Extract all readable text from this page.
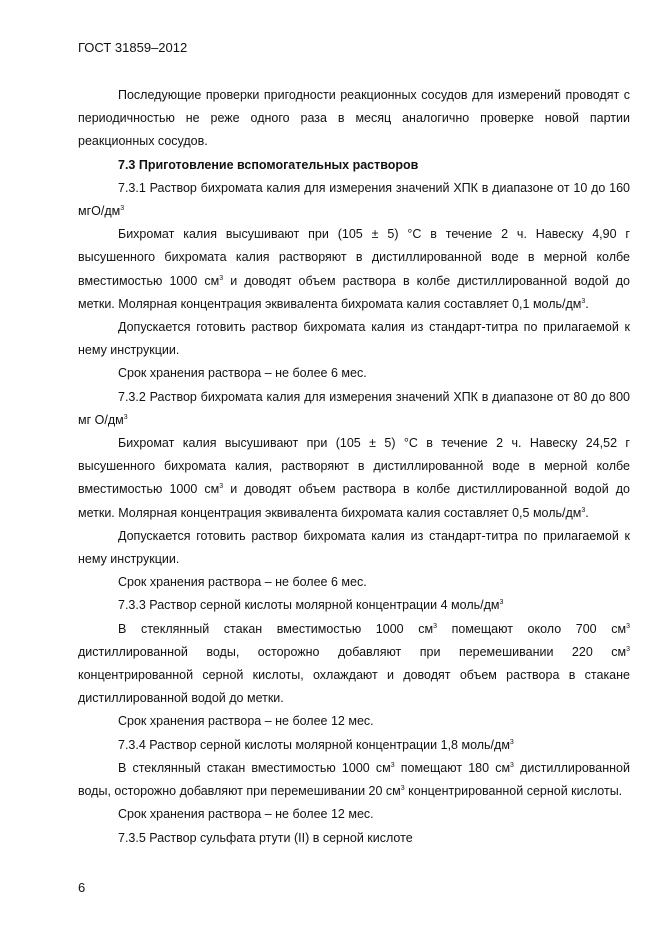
ГОСТ 31859–2012

Последующие проверки пригодности реакционных сосудов для измерений проводят с периодичностью не реже одного раза в месяц аналогично проверке новой партии реакционных сосудов.

7.3 Приготовление вспомогательных растворов

7.3.1 Раствор бихромата калия для измерения значений ХПК в диапазоне от 10 до 160 мгО/$дм^3$

Бихромат калия высушивают при (105 ± 5) °С в течение 2 ч. Навеску 4,90 г высушенного бихромата калия растворяют в дистиллированной воде в мерной колбе вместимостью 1000 $см^3$ и доводят объем раствора в колбе дистиллированной водой до метки. Молярная концентрация эквивалента бихромата калия составляет 0,1 моль/$дм^3$.

Допускается готовить раствор бихромата калия из стандарт-титра по прилагаемой к нему инструкции.

Срок хранения раствора – не более 6 мес.

7.3.2 Раствор бихромата калия для измерения значений ХПК в диапазоне от 80 до 800 мг $О/дм^3$

Бихромат калия высушивают при (105 ± 5) °С в течение 2 ч. Навеску 24,52 г высушенного бихромата калия, растворяют в дистиллированной воде в мерной колбе вместимостью 1000 $см^3$ и доводят объем раствора в колбе дистиллированной водой до метки. Молярная концентрация эквивалента бихромата калия составляет 0,5 моль/$дм^3$.

Допускается готовить раствор бихромата калия из стандарт-титра по прилагаемой к нему инструкции.

Срок хранения раствора – не более 6 мес.

7.3.3 Раствор серной кислоты молярной концентрации 4 моль/$дм^3$

В стеклянный стакан вместимостью 1000 $см^3$ помещают около 700 $см^3$ дистиллированной воды, осторожно добавляют при перемешивании 220 $см^3$ концентрированной серной кислоты, охлаждают и доводят объем раствора в стакане дистиллированной водой до метки.

Срок хранения раствора – не более 12 мес.

7.3.4 Раствор серной кислоты молярной концентрации 1,8 моль/$дм^3$

В стеклянный стакан вместимостью 1000 $см^3$ помещают 180 $см^3$ дистиллированной воды, осторожно добавляют при перемешивании 20 $см^3$ концентрированной серной кислоты.

Срок хранения раствора – не более 12 мес.

7.3.5 Раствор сульфата ртути (II) в серной кислоте

6
